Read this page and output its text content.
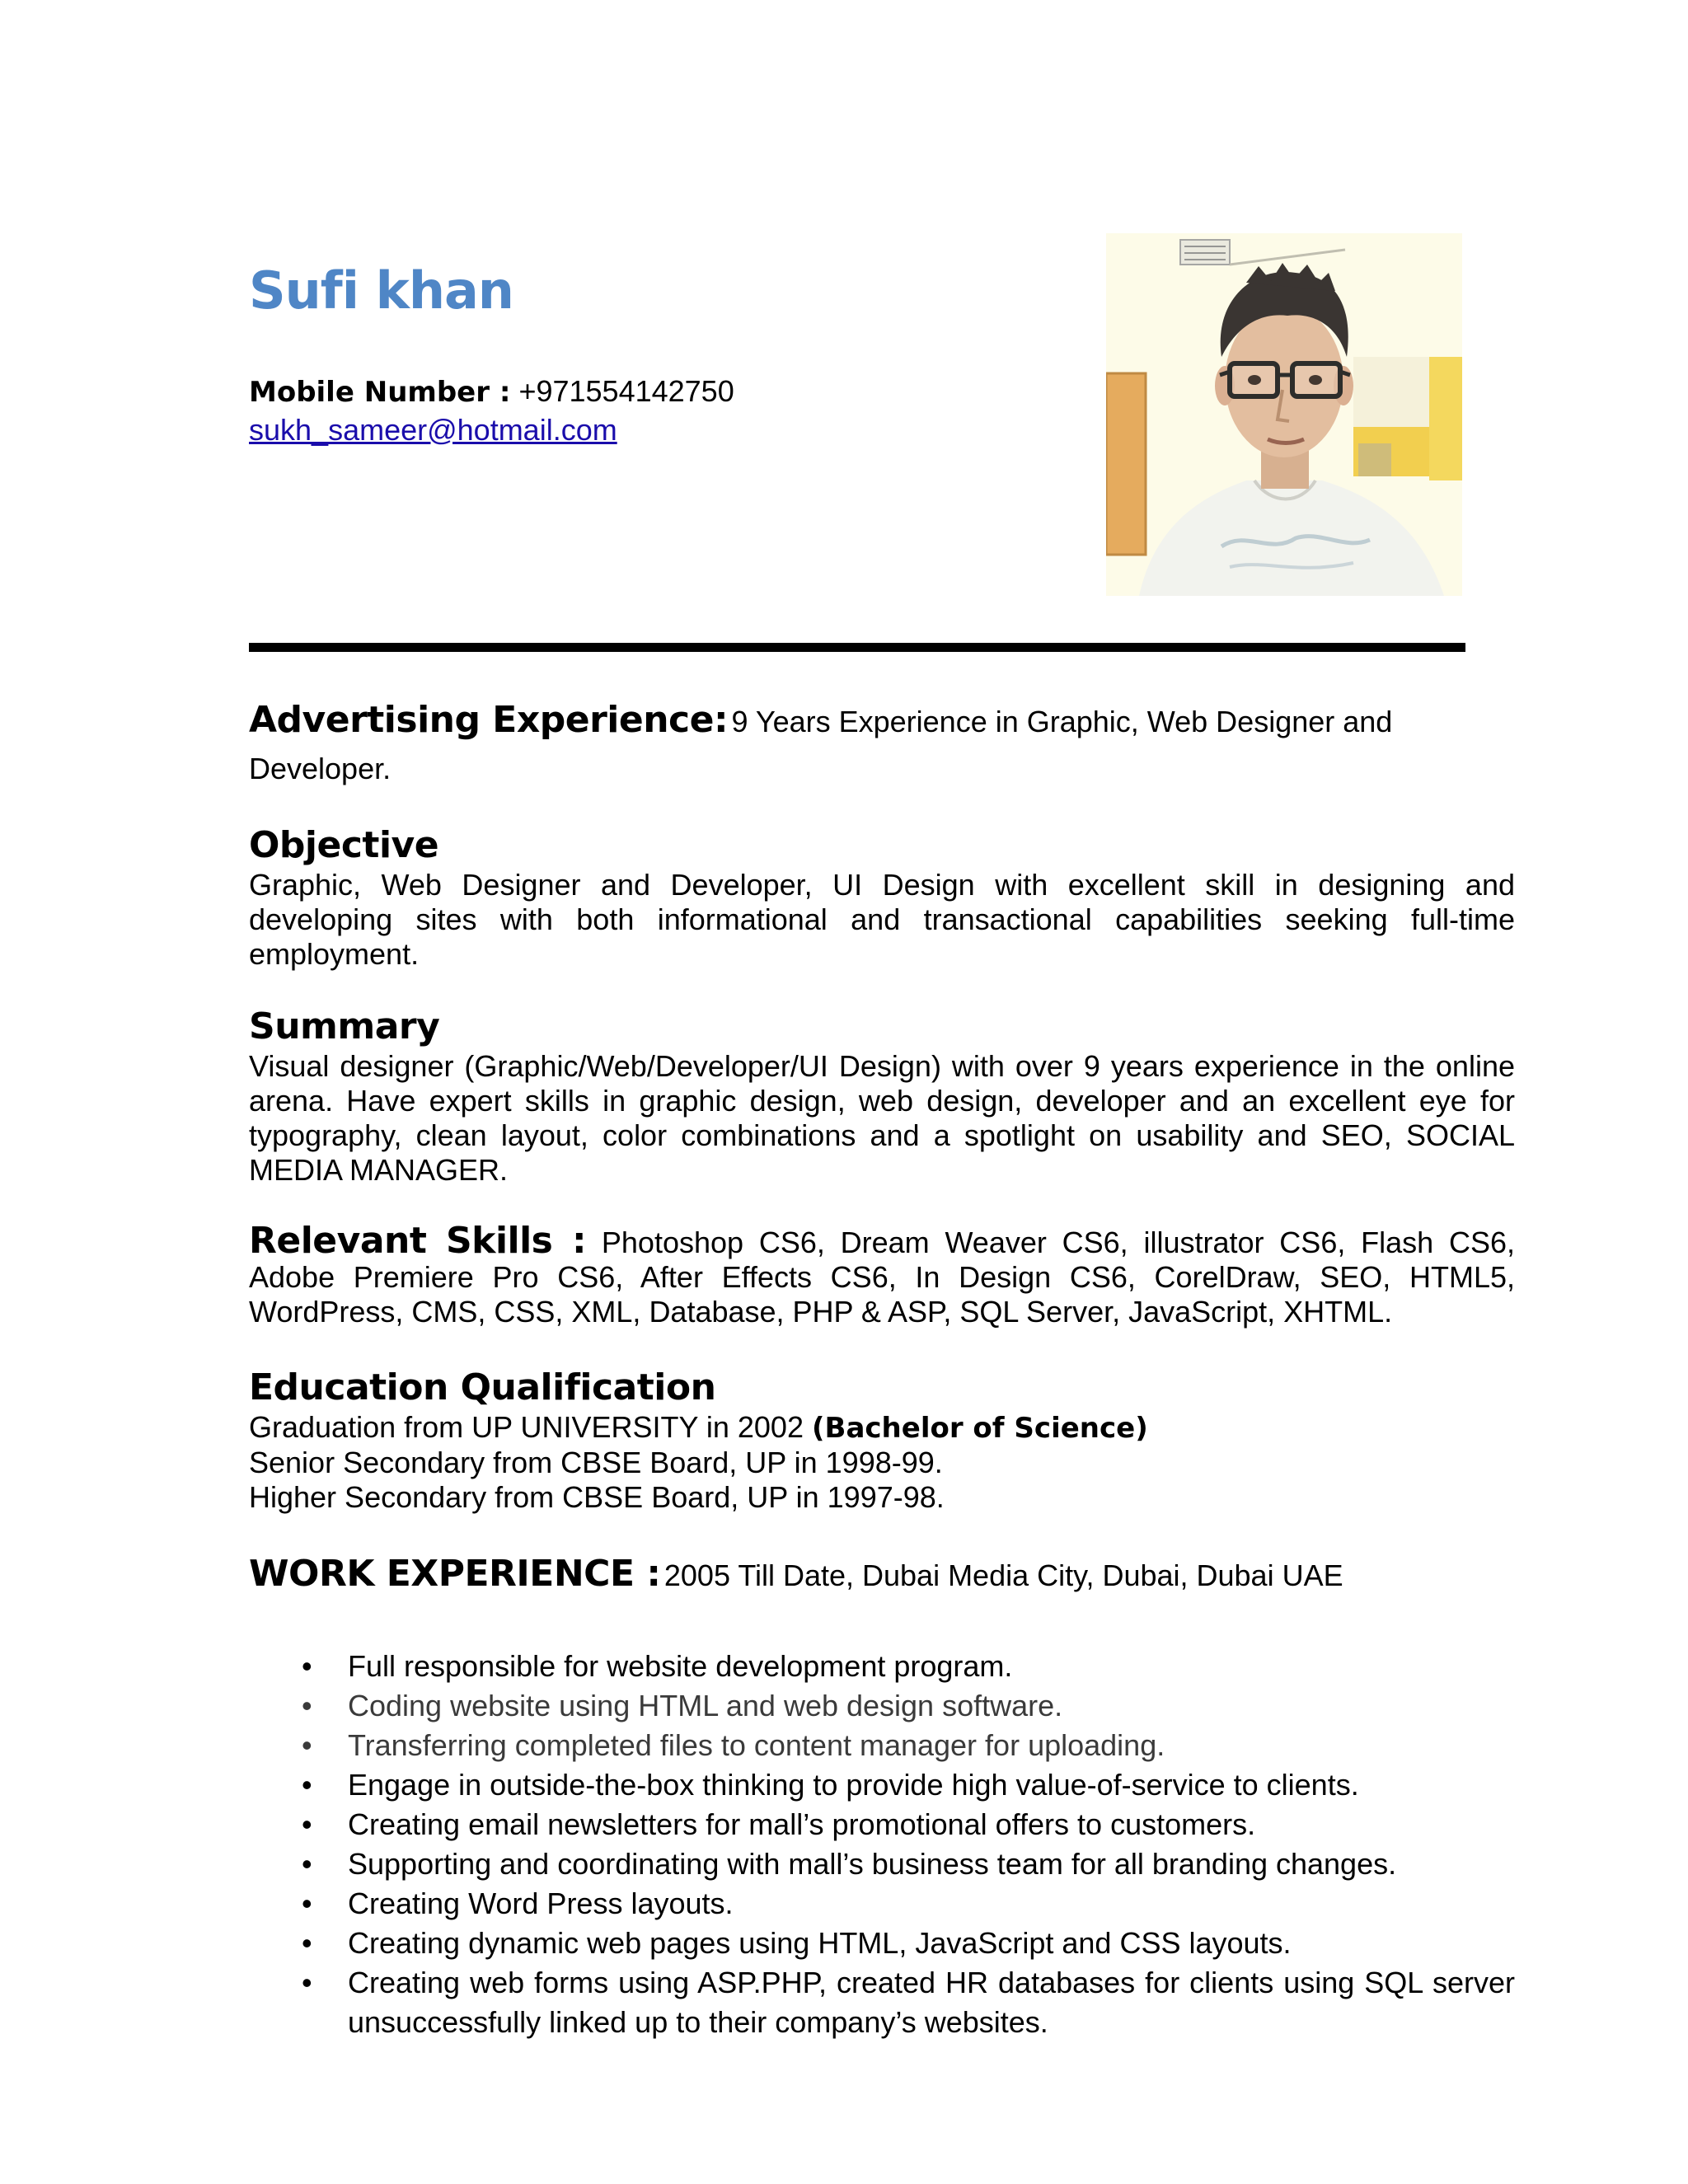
Sufi khan
Mobile Number : +971554142750
sukh_sameer@hotmail.com

Advertising Experience: 9 Years Experience in Graphic, Web Designer and Developer.

Objective
Graphic, Web Designer and Developer, UI Design with excellent skill in designing and developing sites with both informational and transactional capabilities seeking full-time employment.
Summary
Visual designer (Graphic/Web/Developer/UI Design) with over 9 years experience in the online arena. Have expert skills in graphic design, web design, developer and an excellent eye for typography, clean layout, color combinations and a spotlight on usability and SEO, SOCIAL MEDIA MANAGER.
Relevant Skills : Photoshop CS6, Dream Weaver CS6, illustrator CS6, Flash CS6, Adobe Premiere Pro CS6, After Effects CS6, In Design CS6, CorelDraw, SEO, HTML5, WordPress, CMS, CSS, XML, Database, PHP & ASP, SQL Server, JavaScript, XHTML.
Education Qualification
Graduation from UP UNIVERSITY in 2002 (Bachelor of Science)
Senior Secondary from CBSE Board, UP in 1998-99.
Higher Secondary from CBSE Board, UP in 1997-98.

WORK EXPERIENCE : 2005 Till Date, Dubai Media City, Dubai, Dubai UAE

• Full responsible for website development program.
• Coding website using HTML and web design software.
• Transferring completed files to content manager for uploading.
• Engage in outside-the-box thinking to provide high value-of-service to clients.
• Creating email newsletters for mall’s promotional offers to customers.
• Supporting and coordinating with mall’s business team for all branding changes.
• Creating Word Press layouts.
• Creating dynamic web pages using HTML, JavaScript and CSS layouts.
• Creating web forms using ASP.PHP, created HR databases for clients using SQL server unsuccessfully linked up to their company’s websites.
